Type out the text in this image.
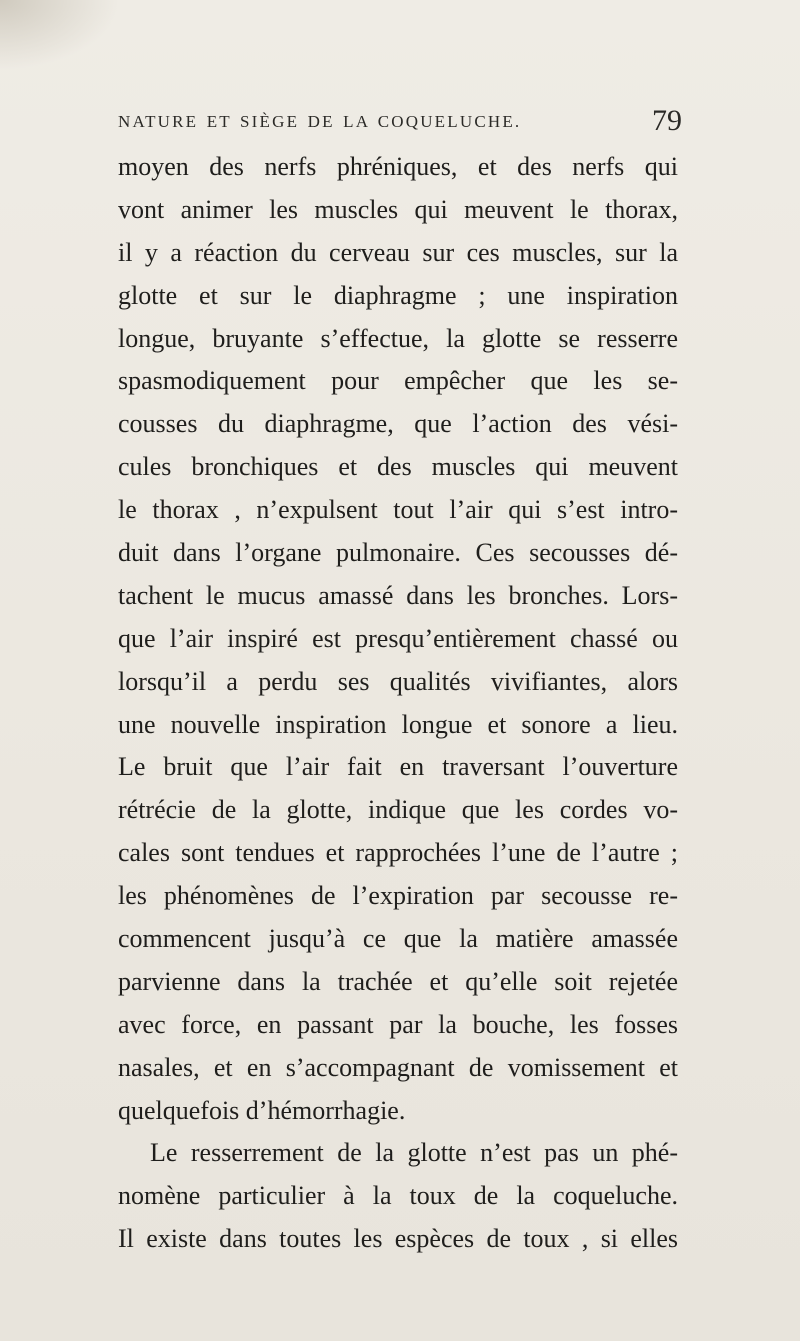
NATURE ET SIÈGE DE LA COQUELUCHE.	79
moyen des nerfs phréniques, et des nerfs qui
vont animer les muscles qui meuvent le thorax,
il y a réaction du cerveau sur ces muscles, sur la
glotte et sur le diaphragme ; une inspiration
longue, bruyante s’effectue, la glotte se resserre
spasmodiquement pour empêcher que les se-
cousses du diaphragme, que l’action des vési-
cules bronchiques et des muscles qui meuvent
le thorax , n’expulsent tout l’air qui s’est intro-
duit dans l’organe pulmonaire. Ces secousses dé-
tachent le mucus amassé dans les bronches. Lors-
que l’air inspiré est presqu’entièrement chassé ou
lorsqu’il a perdu ses qualités vivifiantes, alors
une nouvelle inspiration longue et sonore a lieu.
Le bruit que l’air fait en traversant l’ouverture
rétrécie de la glotte, indique que les cordes vo-
cales sont tendues et rapprochées l’une de l’autre ;
les phénomènes de l’expiration par secousse re-
commencent jusqu’à ce que la matière amassée
parvienne dans la trachée et qu’elle soit rejetée
avec force, en passant par la bouche, les fosses
nasales, et en s’accompagnant de vomissement et
quelquefois d’hémorrhagie.
Le resserrement de la glotte n’est pas un phé-
nomène particulier à la toux de la coqueluche.
Il existe dans toutes les espèces de toux , si elles
